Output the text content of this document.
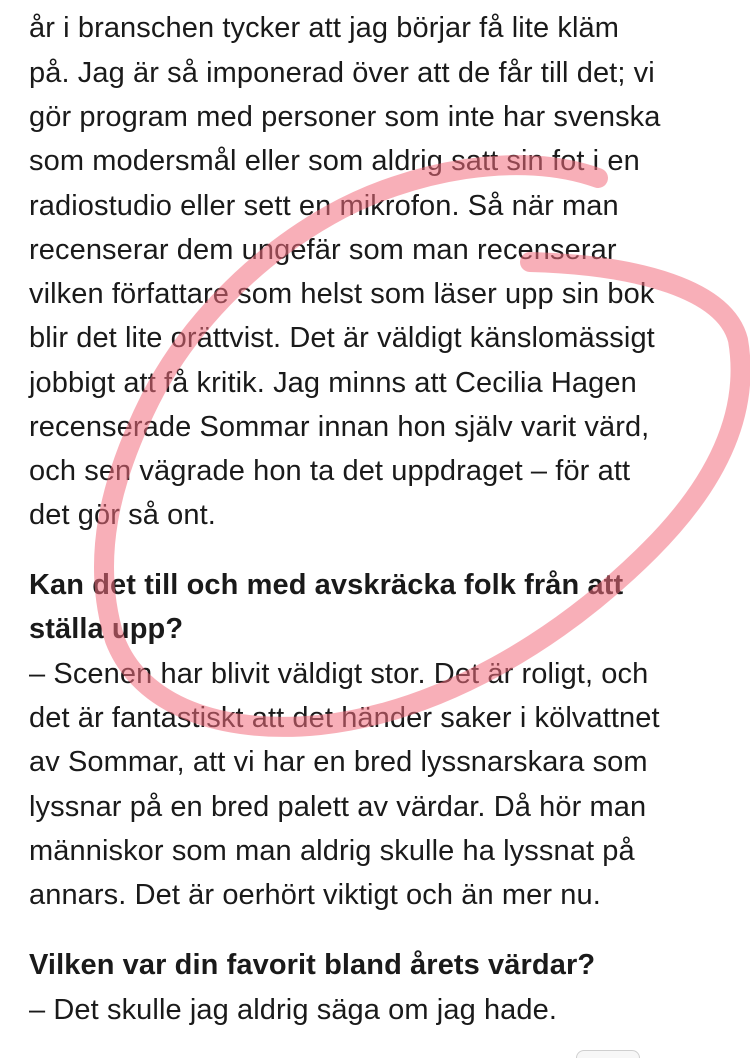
år i branschen tycker att jag börjar få lite kläm
på. Jag är så imponerad över att de får till det; vi
gör program med personer som inte har svenska
som modersmål eller som aldrig satt sin fot i en
radiostudio eller sett en mikrofon. Så när man
recenserar dem ungefär som man recenserar
vilken författare som helst som läser upp sin bok
blir det lite orättvist. Det är väldigt känslomässigt
jobbigt att få kritik. Jag minns att Cecilia Hagen
recenserade Sommar innan hon själv varit värd,
och sen vägrade hon ta det uppdraget – för att
det gör så ont.
Kan det till och med avskräcka folk från att
ställa upp?
– Scenen har blivit väldigt stor. Det är roligt, och
det är fantastiskt att det händer saker i kölvattnet
av Sommar, att vi har en bred lyssnarskara som
lyssnar på en bred palett av värdar. Då hör man
människor som man aldrig skulle ha lyssnat på
annars. Det är oerhört viktigt och än mer nu.
Vilken var din favorit bland årets värdar?
– Det skulle jag aldrig säga om jag hade.
